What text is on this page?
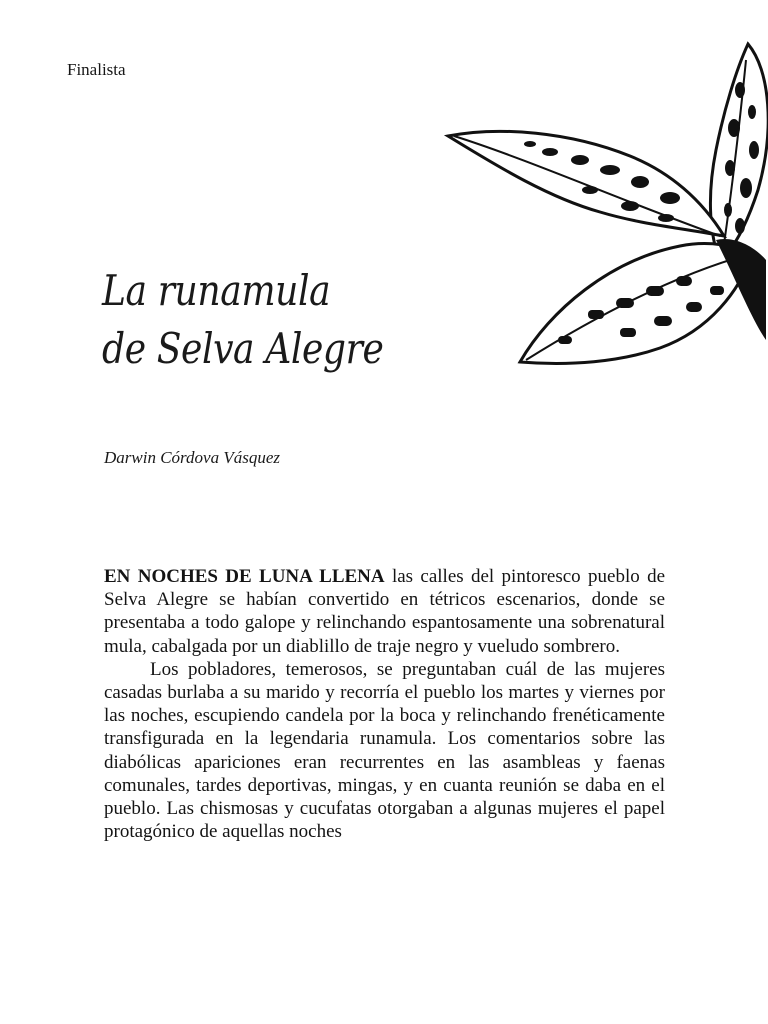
Finalista
La runamula
de Selva Alegre
Darwin Córdova Vásquez

EN NOCHES DE LUNA LLENA las calles del pintoresco pueblo de Selva Alegre se habían convertido en tétricos escenarios, donde se presentaba a todo galope y relinchando espantosamente una sobrenatural mula, cabalgada por un diablillo de traje negro y vueludo sombrero.

Los pobladores, temerosos, se preguntaban cuál de las mujeres casadas burlaba a su marido y recorría el pueblo los martes y viernes por las noches, escupiendo candela por la boca y relinchando frenéticamente transfigurada en la legendaria runamula. Los comentarios sobre las diabólicas apariciones eran recurrentes en las asambleas y faenas comunales, tardes deportivas, mingas, y en cuanta reunión se daba en el pueblo. Las chismosas y cucufatas otorgaban a algunas mujeres el papel protagónico de aquellas noches
